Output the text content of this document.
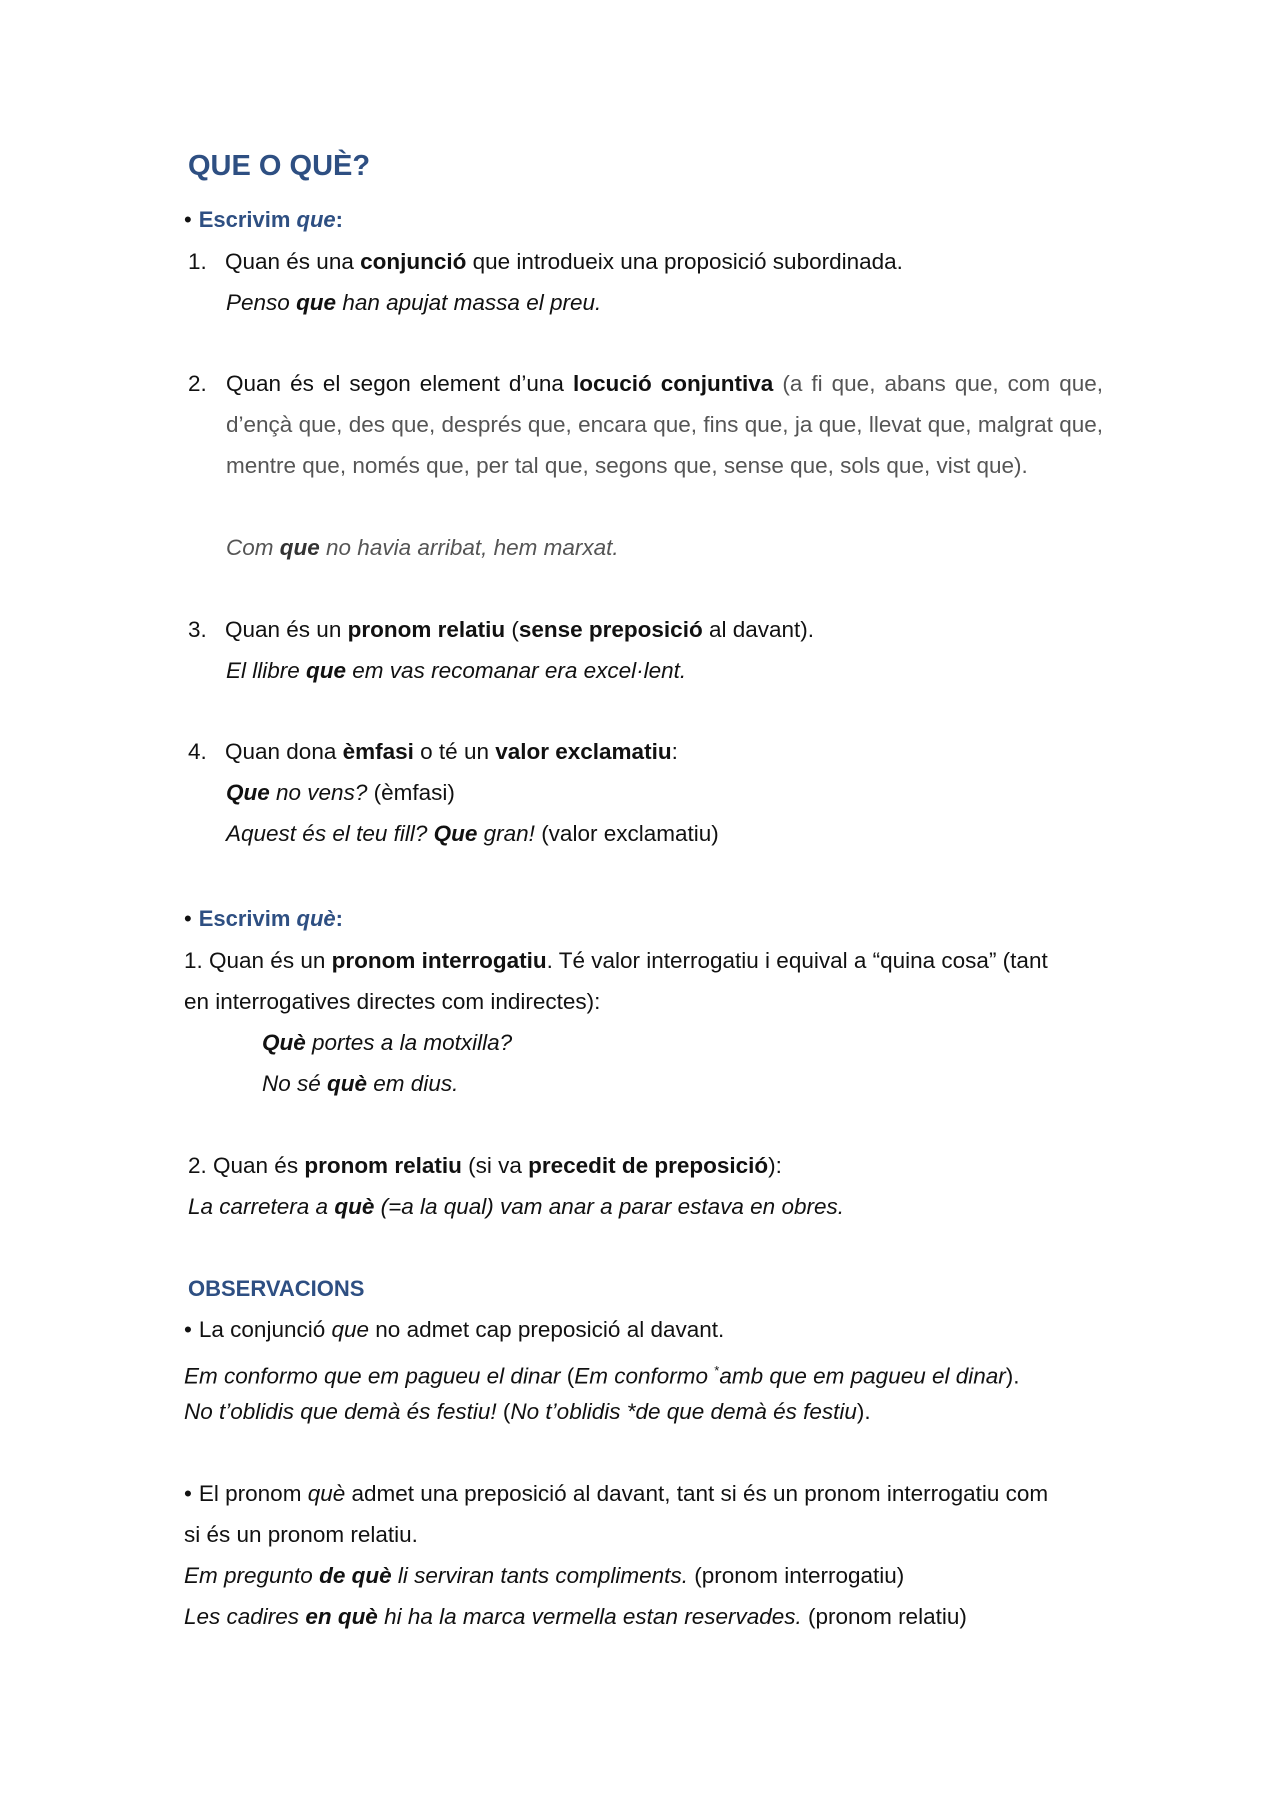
QUE O QUÈ?
• Escrivim que:
1. Quan és una conjunció que introdueix una proposició subordinada.
Penso que han apujat massa el preu.
2. Quan és el segon element d’una locució conjuntiva (a fi que, abans que, com que, d’ençà que, des que, després que, encara que, fins que, ja que, llevat que, malgrat que, mentre que, només que, per tal que, segons que, sense que, sols que, vist que).
Com que no havia arribat, hem marxat.
3. Quan és un pronom relatiu (sense preposició al davant).
El llibre que em vas recomanar era excel·lent.
4. Quan dona èmfasi o té un valor exclamatiu:
Que no vens? (èmfasi)
Aquest és el teu fill? Que gran! (valor exclamatiu)
• Escrivim què:
1. Quan és un pronom interrogatiu. Té valor interrogatiu i equival a “quina cosa” (tant
en interrogatives directes com indirectes):
Què portes a la motxilla?
No sé què em dius.
2. Quan és pronom relatiu (si va precedit de preposició):
La carretera a què (=a la qual) vam anar a parar estava en obres.
OBSERVACIONS
• La conjunció que no admet cap preposició al davant.
Em conformo que em pagueu el dinar (Em conformo *amb que em pagueu el dinar).
No t’oblidis que demà és festiu! (No t’oblidis *de que demà és festiu).
• El pronom què admet una preposició al davant, tant si és un pronom interrogatiu com
si és un pronom relatiu.
Em pregunto de què li serviran tants compliments. (pronom interrogatiu)
Les cadires en què hi ha la marca vermella estan reservades. (pronom relatiu)
